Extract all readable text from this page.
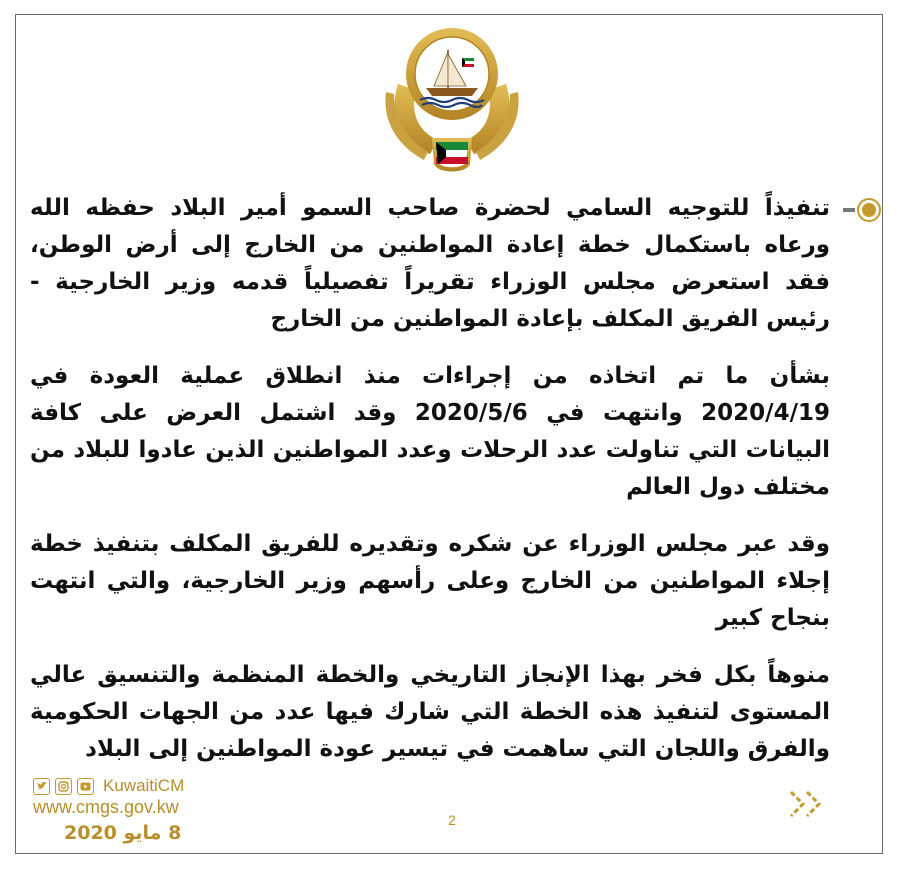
تنفيذاً للتوجيه السامي لحضرة صاحب السمو أمير البلاد حفظه الله ورعاه باستكمال خطة إعادة المواطنين من الخارج إلى أرض الوطن، فقد استعرض مجلس الوزراء تقريراً تفصيلياً قدمه وزير الخارجية - رئيس الفريق المكلف بإعادة المواطنين من الخارج

بشأن ما تم اتخاذه من إجراءات منذ انطلاق عملية العودة في 2020/4/19 وانتهت في 2020/5/6 وقد اشتمل العرض على كافة البيانات التي تناولت عدد الرحلات وعدد المواطنين الذين عادوا للبلاد من مختلف دول العالم

وقد عبر مجلس الوزراء عن شكره وتقديره للفريق المكلف بتنفيذ خطة إجلاء المواطنين من الخارج وعلى رأسهم وزير الخارجية، والتي انتهت بنجاح كبير

منوهاً بكل فخر بهذا الإنجاز التاريخي والخطة المنظمة والتنسيق عالي المستوى لتنفيذ هذه الخطة التي شارك فيها عدد من الجهات الحكومية والفرق واللجان التي ساهمت في تيسير عودة المواطنين إلى البلاد

KuwaitiCM
www.cmgs.gov.kw
8 مايو 2020
2
